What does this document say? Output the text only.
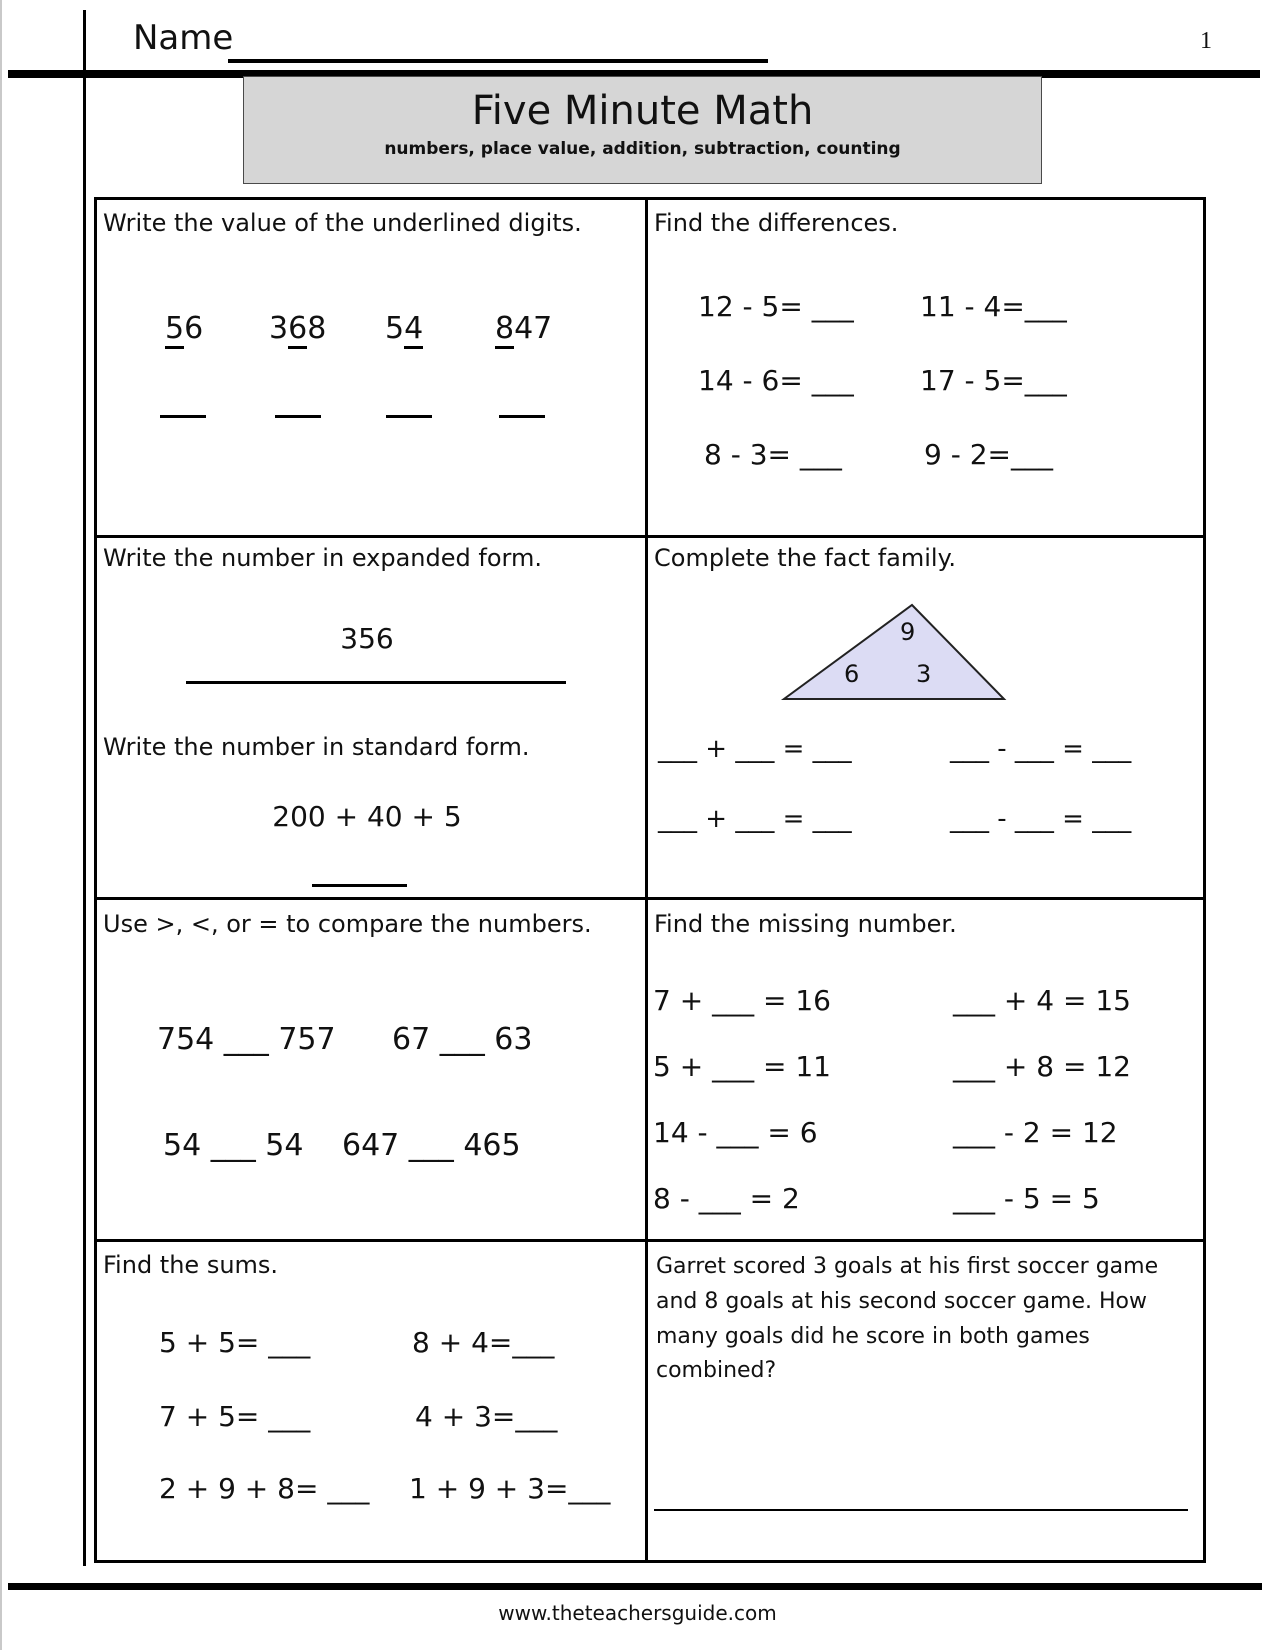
Name	1
Five Minute Math
numbers, place value, addition, subtraction, counting
Write the value of the underlined digits.
56 368 54 847
Find the differences.
12 - 5= ___ 11 - 4=___
14 - 6= ___ 17 - 5=___
8 - 3= ___	9 - 2=___
Write the number in expanded form.
356
Write the number in standard form.
200 + 40 + 5
Complete the fact family.
9
6 3
___ + ___ = ___	___ - ___ = ___
___ + ___ = ___	___ - ___ = ___
Use >, <, or = to compare the numbers.
754 ___ 757 67 ___ 63
54 ___ 54 647 ___ 465
Find the missing number.
7 + ___ = 16	___ + 4 = 15
5 + ___ = 11	___ + 8 = 12
14 - ___ = 6	___ - 2 = 12
8 - ___ = 2	___ - 5 = 5
Find the sums.
5 + 5= ___	8 + 4=___
7 + 5= ___	4 + 3=___
2 + 9 + 8= ___ 1 + 9 + 3=___
Garret scored 3 goals at his first soccer game and 8 goals at his second soccer game. How many goals did he score in both games combined?
www.theteachersguide.com
